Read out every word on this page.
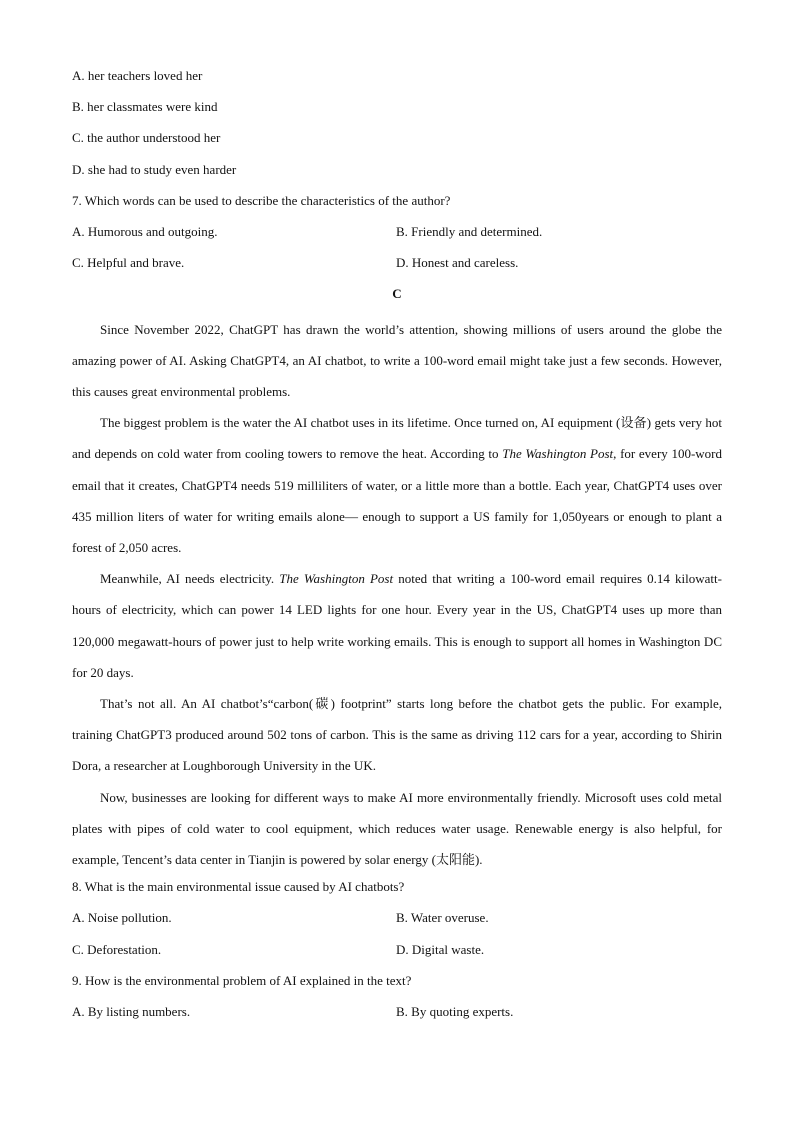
A. her teachers loved her
B. her classmates were kind
C. the author understood her
D. she had to study even harder
7. Which words can be used to describe the characteristics of the author?
A. Humorous and outgoing.	B. Friendly and determined.
C. Helpful and brave.	D. Honest and careless.
C

Since November 2022, ChatGPT has drawn the world’s attention, showing millions of users around the globe the amazing power of AI. Asking ChatGPT4, an AI chatbot, to write a 100-word email might take just a few seconds. However, this causes great environmental problems.

The biggest problem is the water the AI chatbot uses in its lifetime. Once turned on, AI equipment (设备) gets very hot and depends on cold water from cooling towers to remove the heat. According to The Washington Post, for every 100-word email that it creates, ChatGPT4 needs 519 milliliters of water, or a little more than a bottle. Each year, ChatGPT4 uses over 435 million liters of water for writing emails alone— enough to support a US family for 1,050years or enough to plant a forest of 2,050 acres.

Meanwhile, AI needs electricity. The Washington Post noted that writing a 100-word email requires 0.14 kilowatt-hours of electricity, which can power 14 LED lights for one hour. Every year in the US, ChatGPT4 uses up more than 120,000 megawatt-hours of power just to help write working emails. This is enough to support all homes in Washington DC for 20 days.

That’s not all. An AI chatbot’s“carbon(碳) footprint” starts long before the chatbot gets the public. For example, training ChatGPT3 produced around 502 tons of carbon. This is the same as driving 112 cars for a year, according to Shirin Dora, a researcher at Loughborough University in the UK.

Now, businesses are looking for different ways to make AI more environmentally friendly. Microsoft uses cold metal plates with pipes of cold water to cool equipment, which reduces water usage. Renewable energy is also helpful, for example, Tencent’s data center in Tianjin is powered by solar energy (太阳能).

8. What is the main environmental issue caused by AI chatbots?
A. Noise pollution.	B. Water overuse.
C. Deforestation.	D. Digital waste.
9. How is the environmental problem of AI explained in the text?
A. By listing numbers.	B. By quoting experts.
